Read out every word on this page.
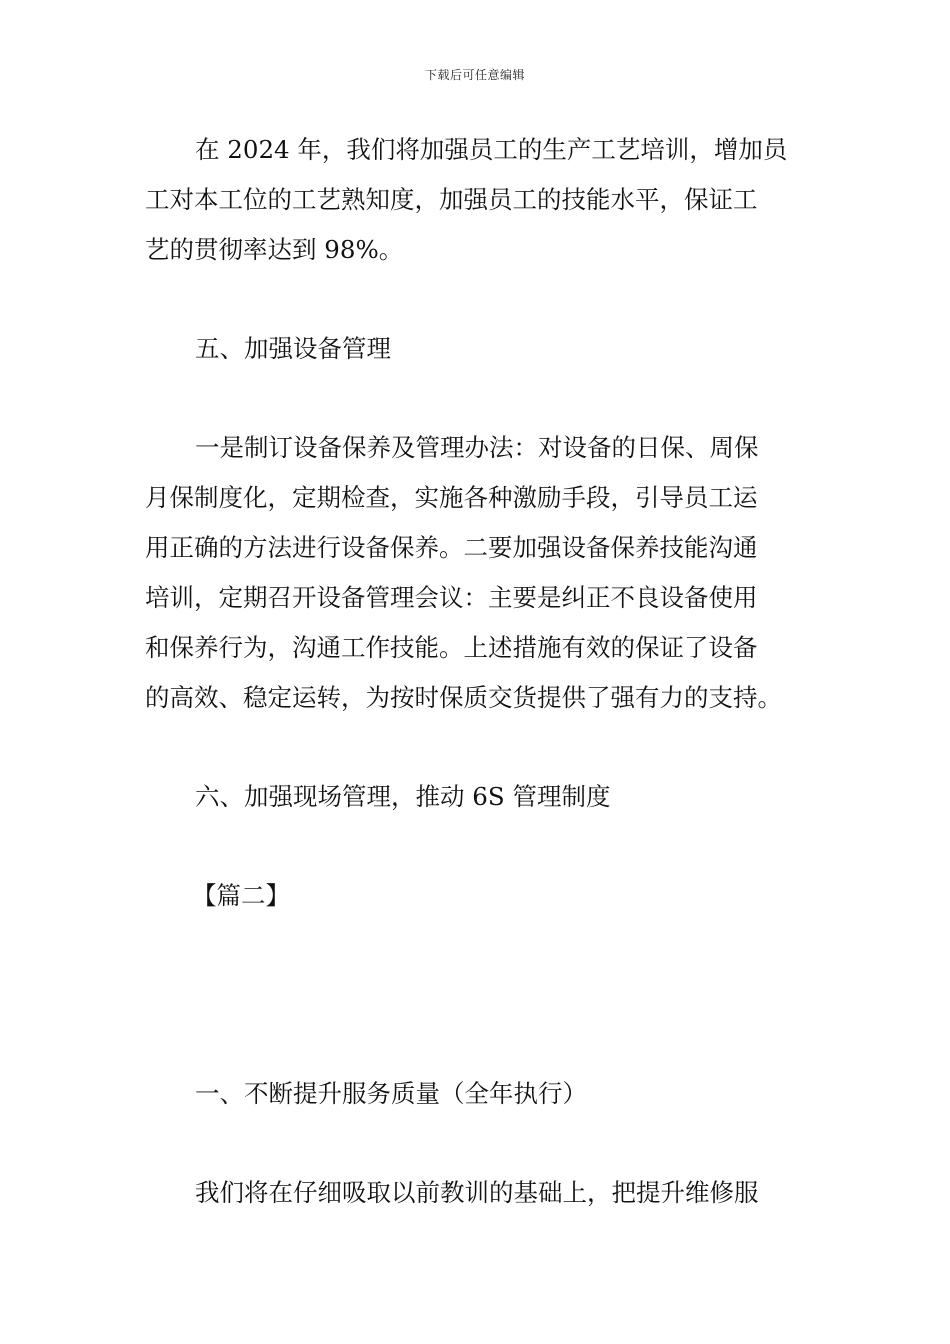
下载后可任意编辑
在 2024 年，我们将加强员工的生产工艺培训，增加员
工对本工位的工艺熟知度，加强员工的技能水平，保证工
艺的贯彻率达到 98%。
五、加强设备管理
一是制订设备保养及管理办法：对设备的日保、周保
月保制度化，定期检查，实施各种激励手段，引导员工运
用正确的方法进行设备保养。二要加强设备保养技能沟通
培训，定期召开设备管理会议：主要是纠正不良设备使用
和保养行为，沟通工作技能。上述措施有效的保证了设备
的高效、稳定运转，为按时保质交货提供了强有力的支持。
六、加强现场管理，推动 6S 管理制度
【篇二】
一、不断提升服务质量（全年执行）
我们将在仔细吸取以前教训的基础上，把提升维修服
